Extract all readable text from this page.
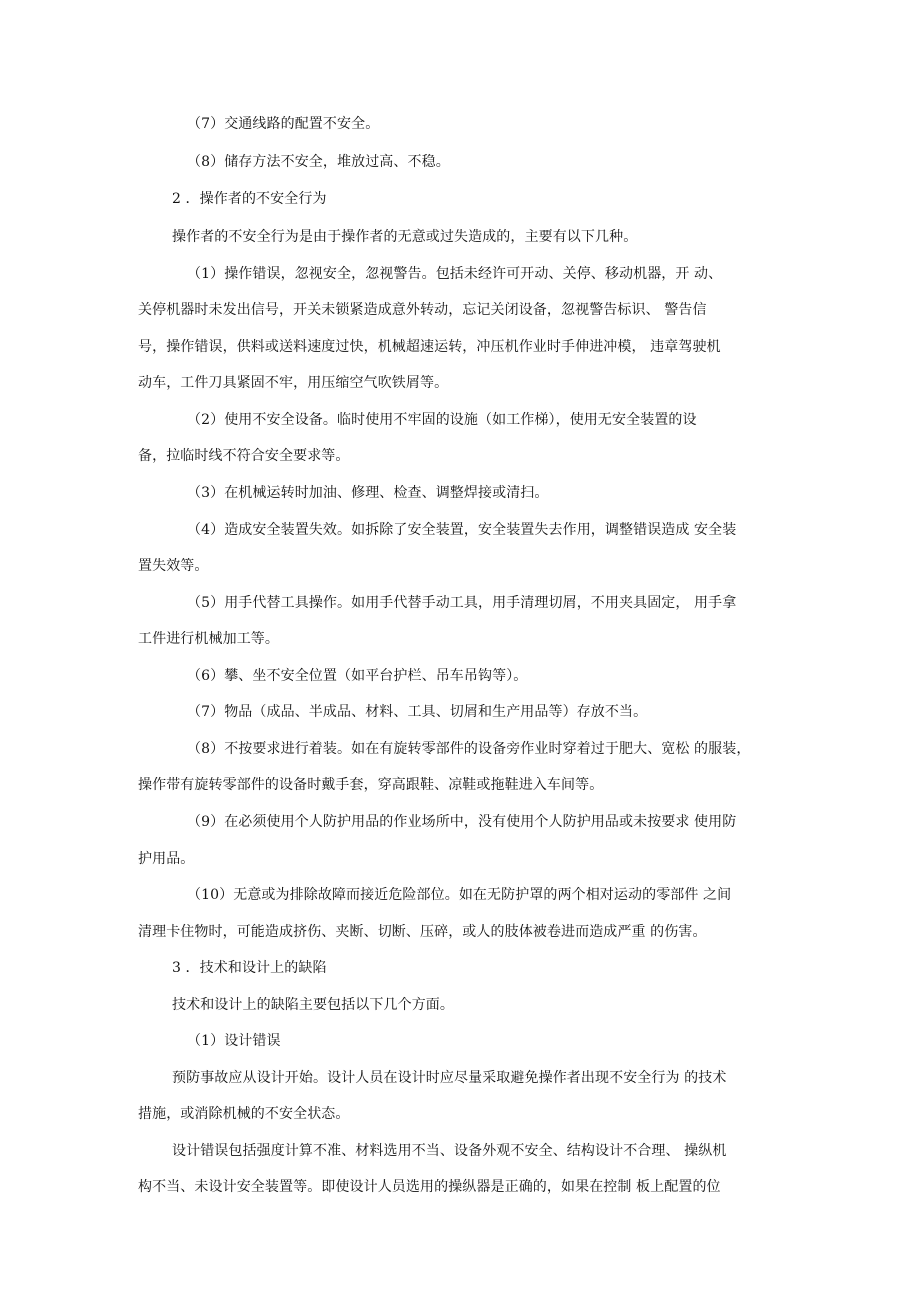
（7）交通线路的配置不安全。
（8）储存方法不安全，堆放过高、不稳。
2 ．操作者的不安全行为
操作者的不安全行为是由于操作者的无意或过失造成的，主要有以下几种。
（1）操作错误，忽视安全，忽视警告。包括未经许可开动、关停、移动机器，开 动、
关停机器时未发出信号，开关未锁紧造成意外转动，忘记关闭设备，忽视警告标识、 警告信
号，操作错误，供料或送料速度过快，机械超速运转，冲压机作业时手伸进冲模， 违章驾驶机
动车，工件刀具紧固不牢，用压缩空气吹铁屑等。
（2）使用不安全设备。临时使用不牢固的设施（如工作梯），使用无安全装置的设
备，拉临时线不符合安全要求等。
（3）在机械运转时加油、修理、检查、调整焊接或清扫。
（4）造成安全装置失效。如拆除了安全装置，安全装置失去作用，调整错误造成 安全装
置失效等。
（5）用手代替工具操作。如用手代替手动工具，用手清理切屑，不用夹具固定， 用手拿
工件进行机械加工等。
（6）攀、坐不安全位置（如平台护栏、吊车吊钩等）。
（7）物品（成品、半成品、材料、工具、切屑和生产用品等）存放不当。
（8）不按要求进行着装。如在有旋转零部件的设备旁作业时穿着过于肥大、宽松 的服装，
操作带有旋转零部件的设备时戴手套，穿高跟鞋、凉鞋或拖鞋进入车间等。
（9）在必须使用个人防护用品的作业场所中，没有使用个人防护用品或未按要求 使用防
护用品。
（10）无意或为排除故障而接近危险部位。如在无防护罩的两个相对运动的零部件 之间
清理卡住物时，可能造成挤伤、夹断、切断、压碎，或人的肢体被卷进而造成严重 的伤害。
3 ．技术和设计上的缺陷
技术和设计上的缺陷主要包括以下几个方面。
（1）设计错误
预防事故应从设计开始。设计人员在设计时应尽量采取避免操作者出现不安全行为 的技术
措施，或消除机械的不安全状态。
设计错误包括强度计算不准、材料选用不当、设备外观不安全、结构设计不合理、 操纵机
构不当、未设计安全装置等。即使设计人员选用的操纵器是正确的，如果在控制 板上配置的位
